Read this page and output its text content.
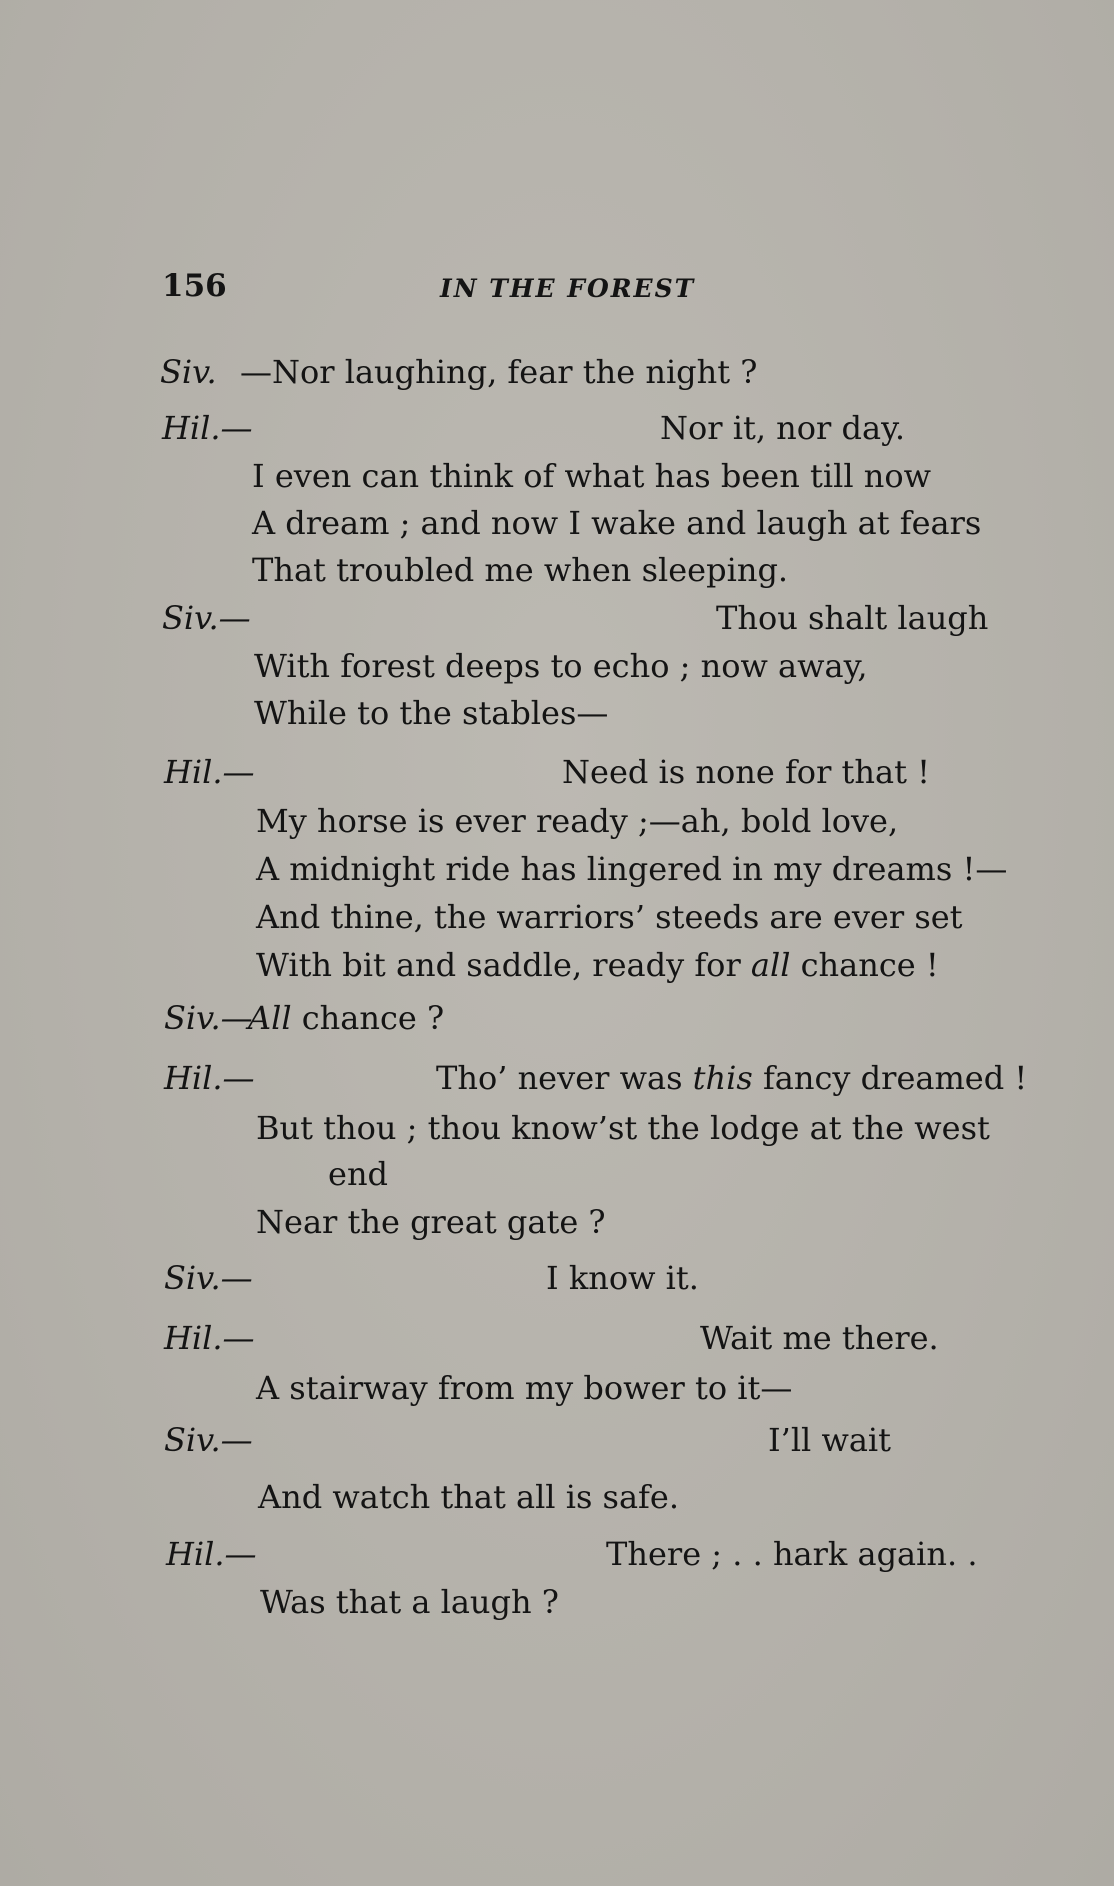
156	IN THE FOREST
Siv. —Nor laughing, fear the night ?
Hil.—	Nor it, nor day.
I even can think of what has been till now
A dream ; and now I wake and laugh at fears
That troubled me when sleeping.
Siv.—	Thou shalt laugh
With forest deeps to echo ; now away,
While to the stables—
Hil.—	Need is none for that !
My horse is ever ready ;—ah, bold love,
A midnight ride has lingered in my dreams !—
And thine, the warriors’ steeds are ever set
With bit and saddle, ready for all chance !
Siv.—
All chance ?
Hil.—	Tho’ never was this fancy dreamed !
But thou ; thou know’st the lodge at the west
end
Near the great gate ?
Siv.—	I know it.
Hil.—	Wait me there.
A stairway from my bower to it—
Siv.—	I’ll wait
And watch that all is safe.
Hil.—	There ; . . hark again. .
Was that a laugh ?
